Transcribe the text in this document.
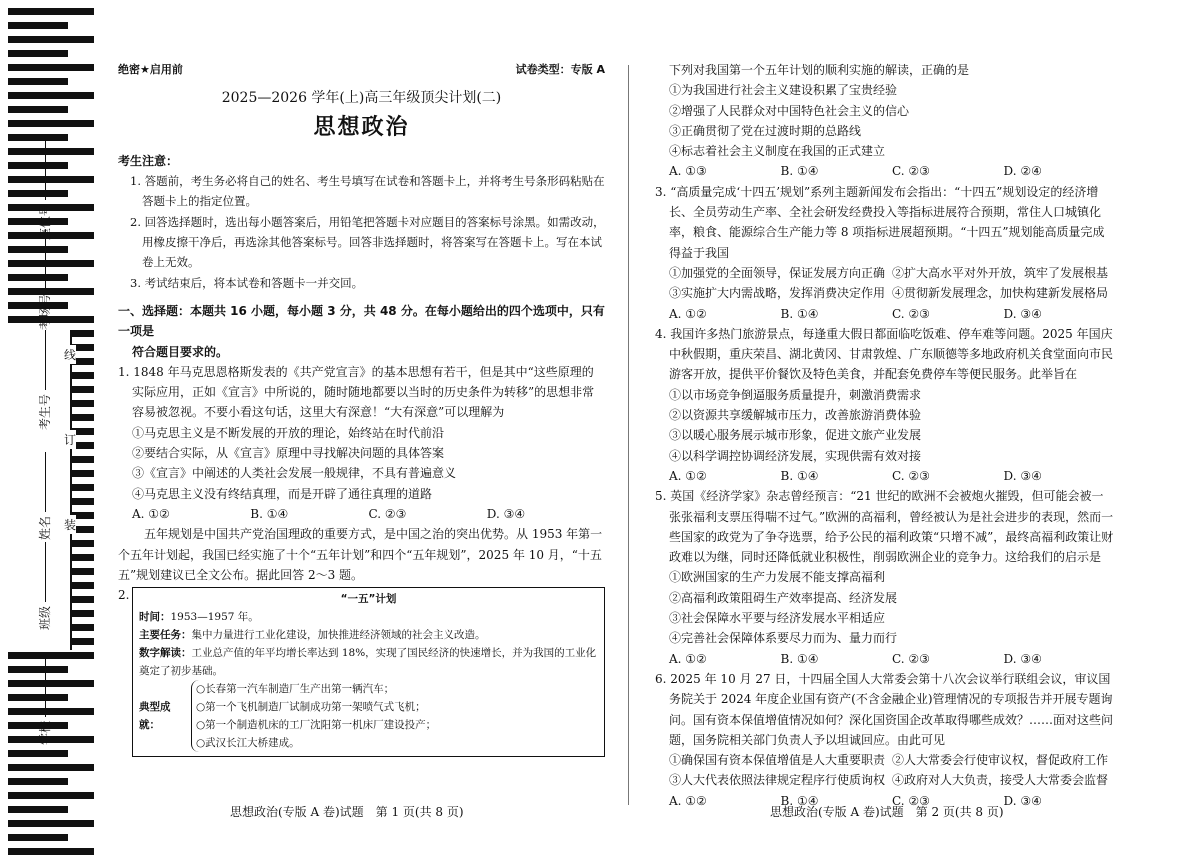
座位号
考场号
考生号
姓名
班级
学校
线
订
装
绝密★启用前	试卷类型：专版 A
2025—2026 学年(上)高三年级顶尖计划(二)
思想政治
考生注意：
1. 答题前，考生务必将自己的姓名、考生号填写在试卷和答题卡上，并将考生号条形码粘贴在答题卡上的指定位置。
2. 回答选择题时，选出每小题答案后，用铅笔把答题卡对应题目的答案标号涂黑。如需改动，用橡皮擦干净后，再选涂其他答案标号。回答非选择题时，将答案写在答题卡上。写在本试卷上无效。
3. 考试结束后，将本试卷和答题卡一并交回。
一、选择题：本题共 16 小题，每小题 3 分，共 48 分。在每小题给出的四个选项中，只有一项是
符合题目要求的。
1. 1848 年马克思恩格斯发表的《共产党宣言》的基本思想有若干，但是其中“这些原理的实际应用，正如《宣言》中所说的，随时随地都要以当时的历史条件为转移”的思想非常容易被忽视。不要小看这句话，这里大有深意！“大有深意”可以理解为
①马克思主义是不断发展的开放的理论，始终站在时代前沿
②要结合实际，从《宣言》原理中寻找解决问题的具体答案
③《宣言》中阐述的人类社会发展一般规律，不具有普遍意义
④马克思主义没有终结真理，而是开辟了通往真理的道路
A. ①②	B. ①④	C. ②③	D. ③④
五年规划是中国共产党治国理政的重要方式，是中国之治的突出优势。从 1953 年第一个五年计划起，我国已经实施了十个“五年计划”和四个“五年规划”，2025 年 10 月，“十五五”规划建议已全文公布。据此回答 2～3 题。
2.	“一五”计划
时间：1953—1957 年。
主要任务：集中力量进行工业化建设，加快推进经济领域的社会主义改造。
数字解读：工业总产值的年平均增长率达到 18%，实现了国民经济的快速增长，并为我国的工业化奠定了初步基础。
典型成就：
○长春第一汽车制造厂生产出第一辆汽车；
○第一个飞机制造厂试制成功第一架喷气式飞机；
○第一个制造机床的工厂沈阳第一机床厂建设投产；
○武汉长江大桥建成。
下列对我国第一个五年计划的顺利实施的解读，正确的是
①为我国进行社会主义建设积累了宝贵经验
②增强了人民群众对中国特色社会主义的信心
③正确贯彻了党在过渡时期的总路线
④标志着社会主义制度在我国的正式建立
A. ①③	B. ①④	C. ②③	D. ②④
3. “高质量完成‘十四五’规划”系列主题新闻发布会指出：“十四五”规划设定的经济增长、全员劳动生产率、全社会研发经费投入等指标进展符合预期，常住人口城镇化率，粮食、能源综合生产能力等 8 项指标进展超预期。“十四五”规划能高质量完成得益于我国
①加强党的全面领导，保证发展方向正确 ②扩大高水平对外开放，筑牢了发展根基
③实施扩大内需战略，发挥消费决定作用 ④贯彻新发展理念，加快构建新发展格局
A. ①②	B. ①④	C. ②③	D. ③④
4. 我国许多热门旅游景点，每逢重大假日都面临吃饭难、停车难等问题。2025 年国庆中秋假期，重庆荣昌、湖北黄冈、甘肃敦煌、广东顺德等多地政府机关食堂面向市民游客开放，提供平价餐饮及特色美食，并配套免费停车等便民服务。此举旨在
①以市场竞争倒逼服务质量提升，刺激消费需求
②以资源共享缓解城市压力，改善旅游消费体验
③以暖心服务展示城市形象，促进文旅产业发展
④以科学调控协调经济发展，实现供需有效对接
A. ①②	B. ①④	C. ②③	D. ③④
5. 英国《经济学家》杂志曾经预言：“21 世纪的欧洲不会被炮火摧毁，但可能会被一张张福利支票压得喘不过气。”欧洲的高福利，曾经被认为是社会进步的表现，然而一些国家的政党为了争夺选票，给予公民的福利政策“只增不减”，最终高福利政策让财政难以为继，同时还降低就业积极性，削弱欧洲企业的竞争力。这给我们的启示是
①欧洲国家的生产力发展不能支撑高福利
②高福利政策阻碍生产效率提高、经济发展
③社会保障水平要与经济发展水平相适应
④完善社会保障体系要尽力而为、量力而行
A. ①②	B. ①④	C. ②③	D. ③④
6. 2025 年 10 月 27 日，十四届全国人大常委会第十八次会议举行联组会议，审议国务院关于 2024 年度企业国有资产(不含金融企业)管理情况的专项报告并开展专题询问。国有资本保值增值情况如何？深化国资国企改革取得哪些成效？……面对这些问题，国务院相关部门负责人予以坦诚回应。由此可见
①确保国有资本保值增值是人大重要职责 ②人大常委会行使审议权，督促政府工作
③人大代表依照法律规定程序行使质询权 ④政府对人大负责，接受人大常委会监督
A. ①②	B. ①④	C. ②③	D. ③④
思想政治(专版 A 卷)试题　第 1 页(共 8 页)	思想政治(专版 A 卷)试题　第 2 页(共 8 页)
